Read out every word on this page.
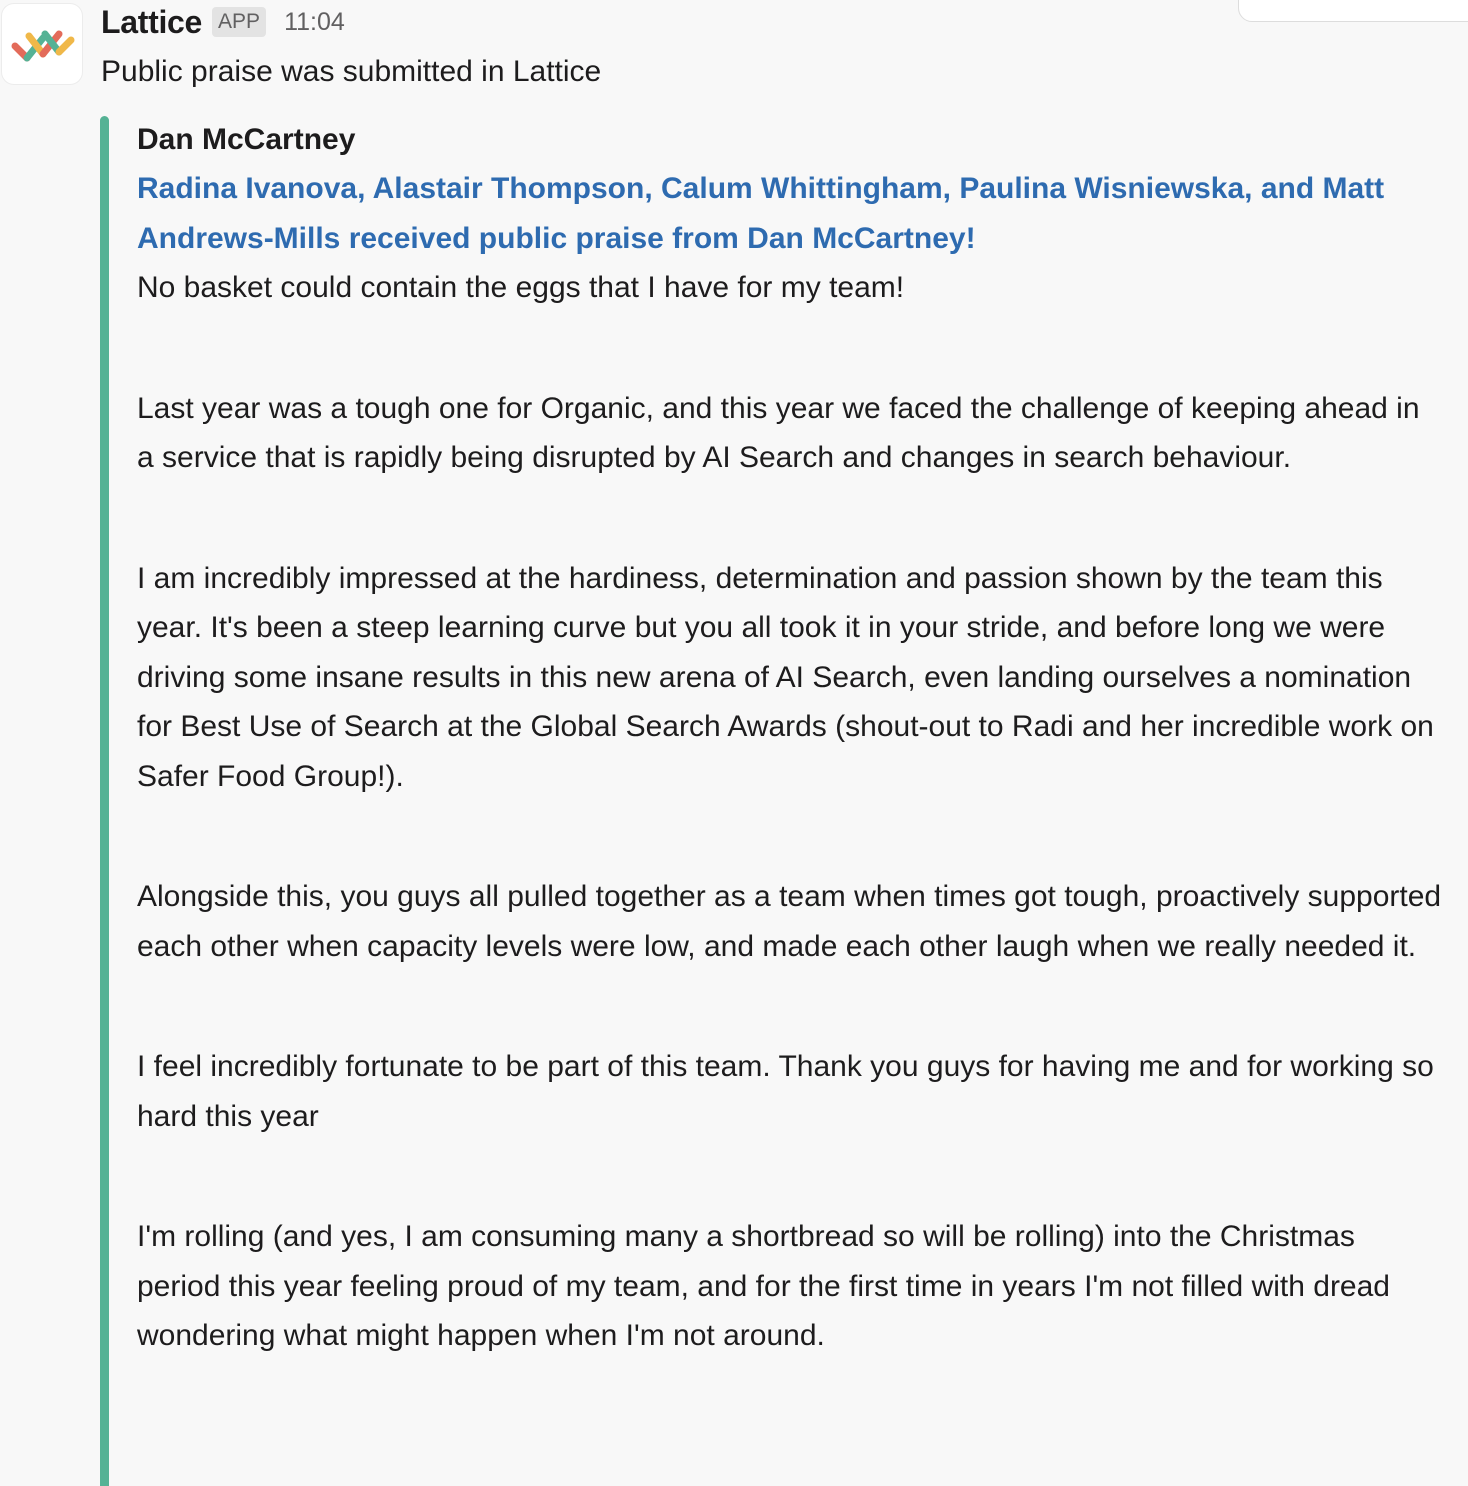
Lattice APP 11:04
Public praise was submitted in Lattice

Dan McCartney

Radina Ivanova, Alastair Thompson, Calum Whittingham, Paulina Wisniewska, and Matt Andrews-Mills received public praise from Dan McCartney!

No basket could contain the eggs that I have for my team!

Last year was a tough one for Organic, and this year we faced the challenge of keeping ahead in a service that is rapidly being disrupted by AI Search and changes in search behaviour.

I am incredibly impressed at the hardiness, determination and passion shown by the team this year. It's been a steep learning curve but you all took it in your stride, and before long we were driving some insane results in this new arena of AI Search, even landing ourselves a nomination for Best Use of Search at the Global Search Awards (shout-out to Radi and her incredible work on Safer Food Group!).

Alongside this, you guys all pulled together as a team when times got tough, proactively supported each other when capacity levels were low, and made each other laugh when we really needed it.

I feel incredibly fortunate to be part of this team. Thank you guys for having me and for working so hard this year

I'm rolling (and yes, I am consuming many a shortbread so will be rolling) into the Christmas period this year feeling proud of my team, and for the first time in years I'm not filled with dread wondering what might happen when I'm not around.
